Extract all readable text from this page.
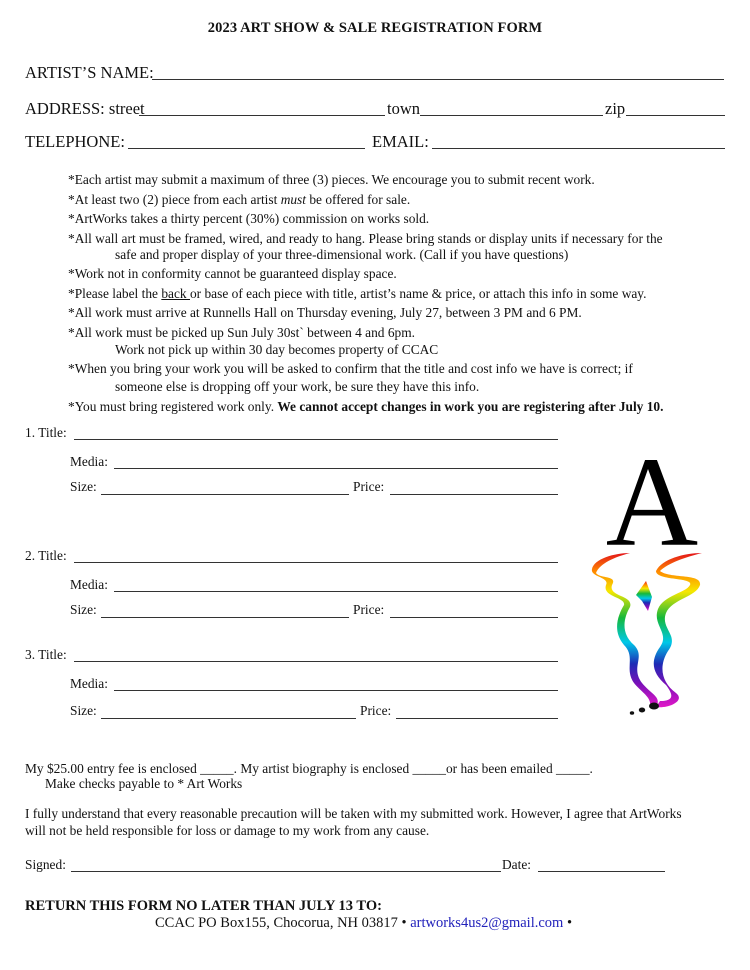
2023 ART SHOW & SALE REGISTRATION FORM
ARTIST’S NAME:
ADDRESS: street	town	zip
TELEPHONE:	EMAIL:
*Each artist may submit a maximum of three (3) pieces. We encourage you to submit recent work.
*At least two (2) piece from each artist must be offered for sale.
*ArtWorks takes a thirty percent (30%) commission on works sold.
*All wall art must be framed, wired, and ready to hang. Please bring stands or display units if necessary for the
safe and proper display of your three-dimensional work. (Call if you have questions)
*Work not in conformity cannot be guaranteed display space.
*Please label the back or base of each piece with title, artist’s name & price, or attach this info in some way.
*All work must arrive at Runnells Hall on Thursday evening, July 27, between 3 PM and 6 PM.
*All work must be picked up Sun July 30st` between 4 and 6pm.
Work not pick up within 30 day becomes property of CCAC
*When you bring your work you will be asked to confirm that the title and cost info we have is correct; if
someone else is dropping off your work, be sure they have this info.
*You must bring registered work only. We cannot accept changes in work you are registering after July 10.
1. Title:
Media:
Size:	Price:
2. Title:
Media:
Size:	Price:
3. Title:
Media:
Size:	Price:
A
My $25.00 entry fee is enclosed _____. My artist biography is enclosed _____or has been emailed _____.
Make checks payable to * Art Works
I fully understand that every reasonable precaution will be taken with my submitted work. However, I agree that ArtWorks
will not be held responsible for loss or damage to my work from any cause.
Signed:	Date:
RETURN THIS FORM NO LATER THAN JULY 13 TO:
CCAC PO Box155, Chocorua, NH 03817 • artworks4us2@gmail.com •
